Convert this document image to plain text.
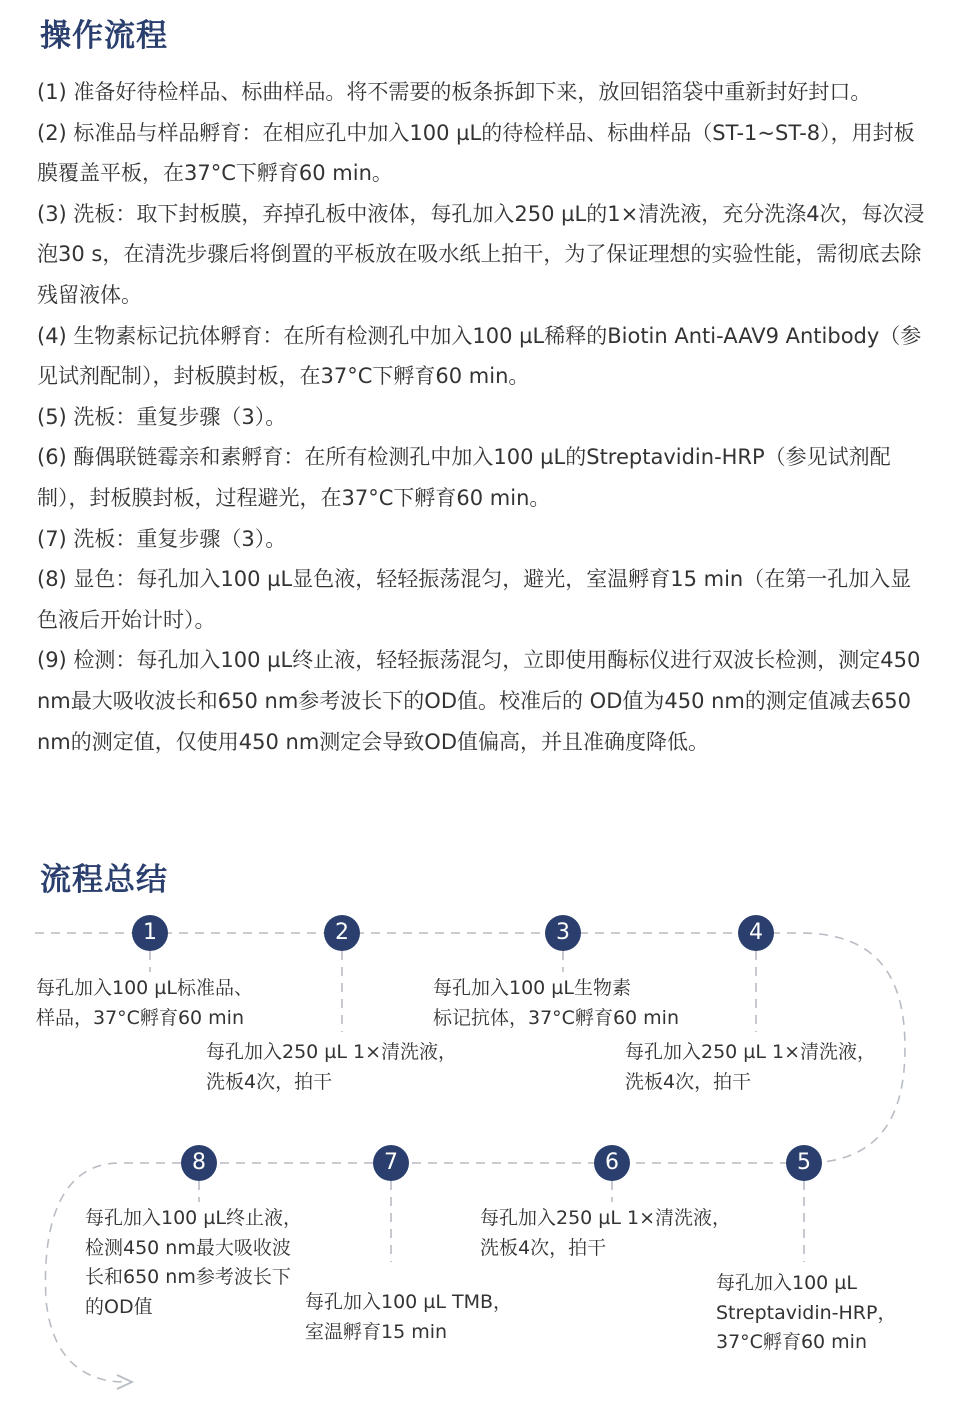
操作流程

(1) 准备好待检样品、标曲样品。将不需要的板条拆卸下来，放回铝箔袋中重新封好封口。

(2) 标准品与样品孵育：在相应孔中加入100 µL的待检样品、标曲样品（ST-1~ST-8），用封板膜覆盖平板，在37°C下孵育60 min。

(3) 洗板：取下封板膜，弃掉孔板中液体，每孔加入250 µL的1×清洗液，充分洗涤4次，每次浸泡30 s，在清洗步骤后将倒置的平板放在吸水纸上拍干，为了保证理想的实验性能，需彻底去除残留液体。

(4) 生物素标记抗体孵育：在所有检测孔中加入100 µL稀释的Biotin Anti-AAV9 Antibody（参见试剂配制），封板膜封板，在37°C下孵育60 min。

(5) 洗板：重复步骤（3）。

(6) 酶偶联链霉亲和素孵育：在所有检测孔中加入100 µL的Streptavidin-HRP（参见试剂配制），封板膜封板，过程避光，在37°C下孵育60 min。

(7) 洗板：重复步骤（3）。

(8) 显色：每孔加入100 µL显色液，轻轻振荡混匀，避光，室温孵育15 min（在第一孔加入显色液后开始计时）。

(9) 检测：每孔加入100 µL终止液，轻轻振荡混匀，立即使用酶标仪进行双波长检测，测定450 nm最大吸收波长和650 nm参考波长下的OD值。校准后的 OD值为450 nm的测定值减去650 nm的测定值，仅使用450 nm测定会导致OD值偏高，并且准确度降低。

流程总结
1	2	3	4
5
6
7
8
每孔加入100 µL标准品、
样品，37°C孵育60 min
每孔加入250 µL 1×清洗液，
洗板4次，拍干
每孔加入100 µL生物素
标记抗体，37°C孵育60 min
每孔加入250 µL 1×清洗液，
洗板4次，拍干
每孔加入100 µL
Streptavidin-HRP，
37°C孵育60 min
每孔加入250 µL 1×清洗液，
洗板4次，拍干
每孔加入100 µL TMB，
室温孵育15 min
每孔加入100 µL终止液，
检测450 nm最大吸收波
长和650 nm参考波长下
的OD值
